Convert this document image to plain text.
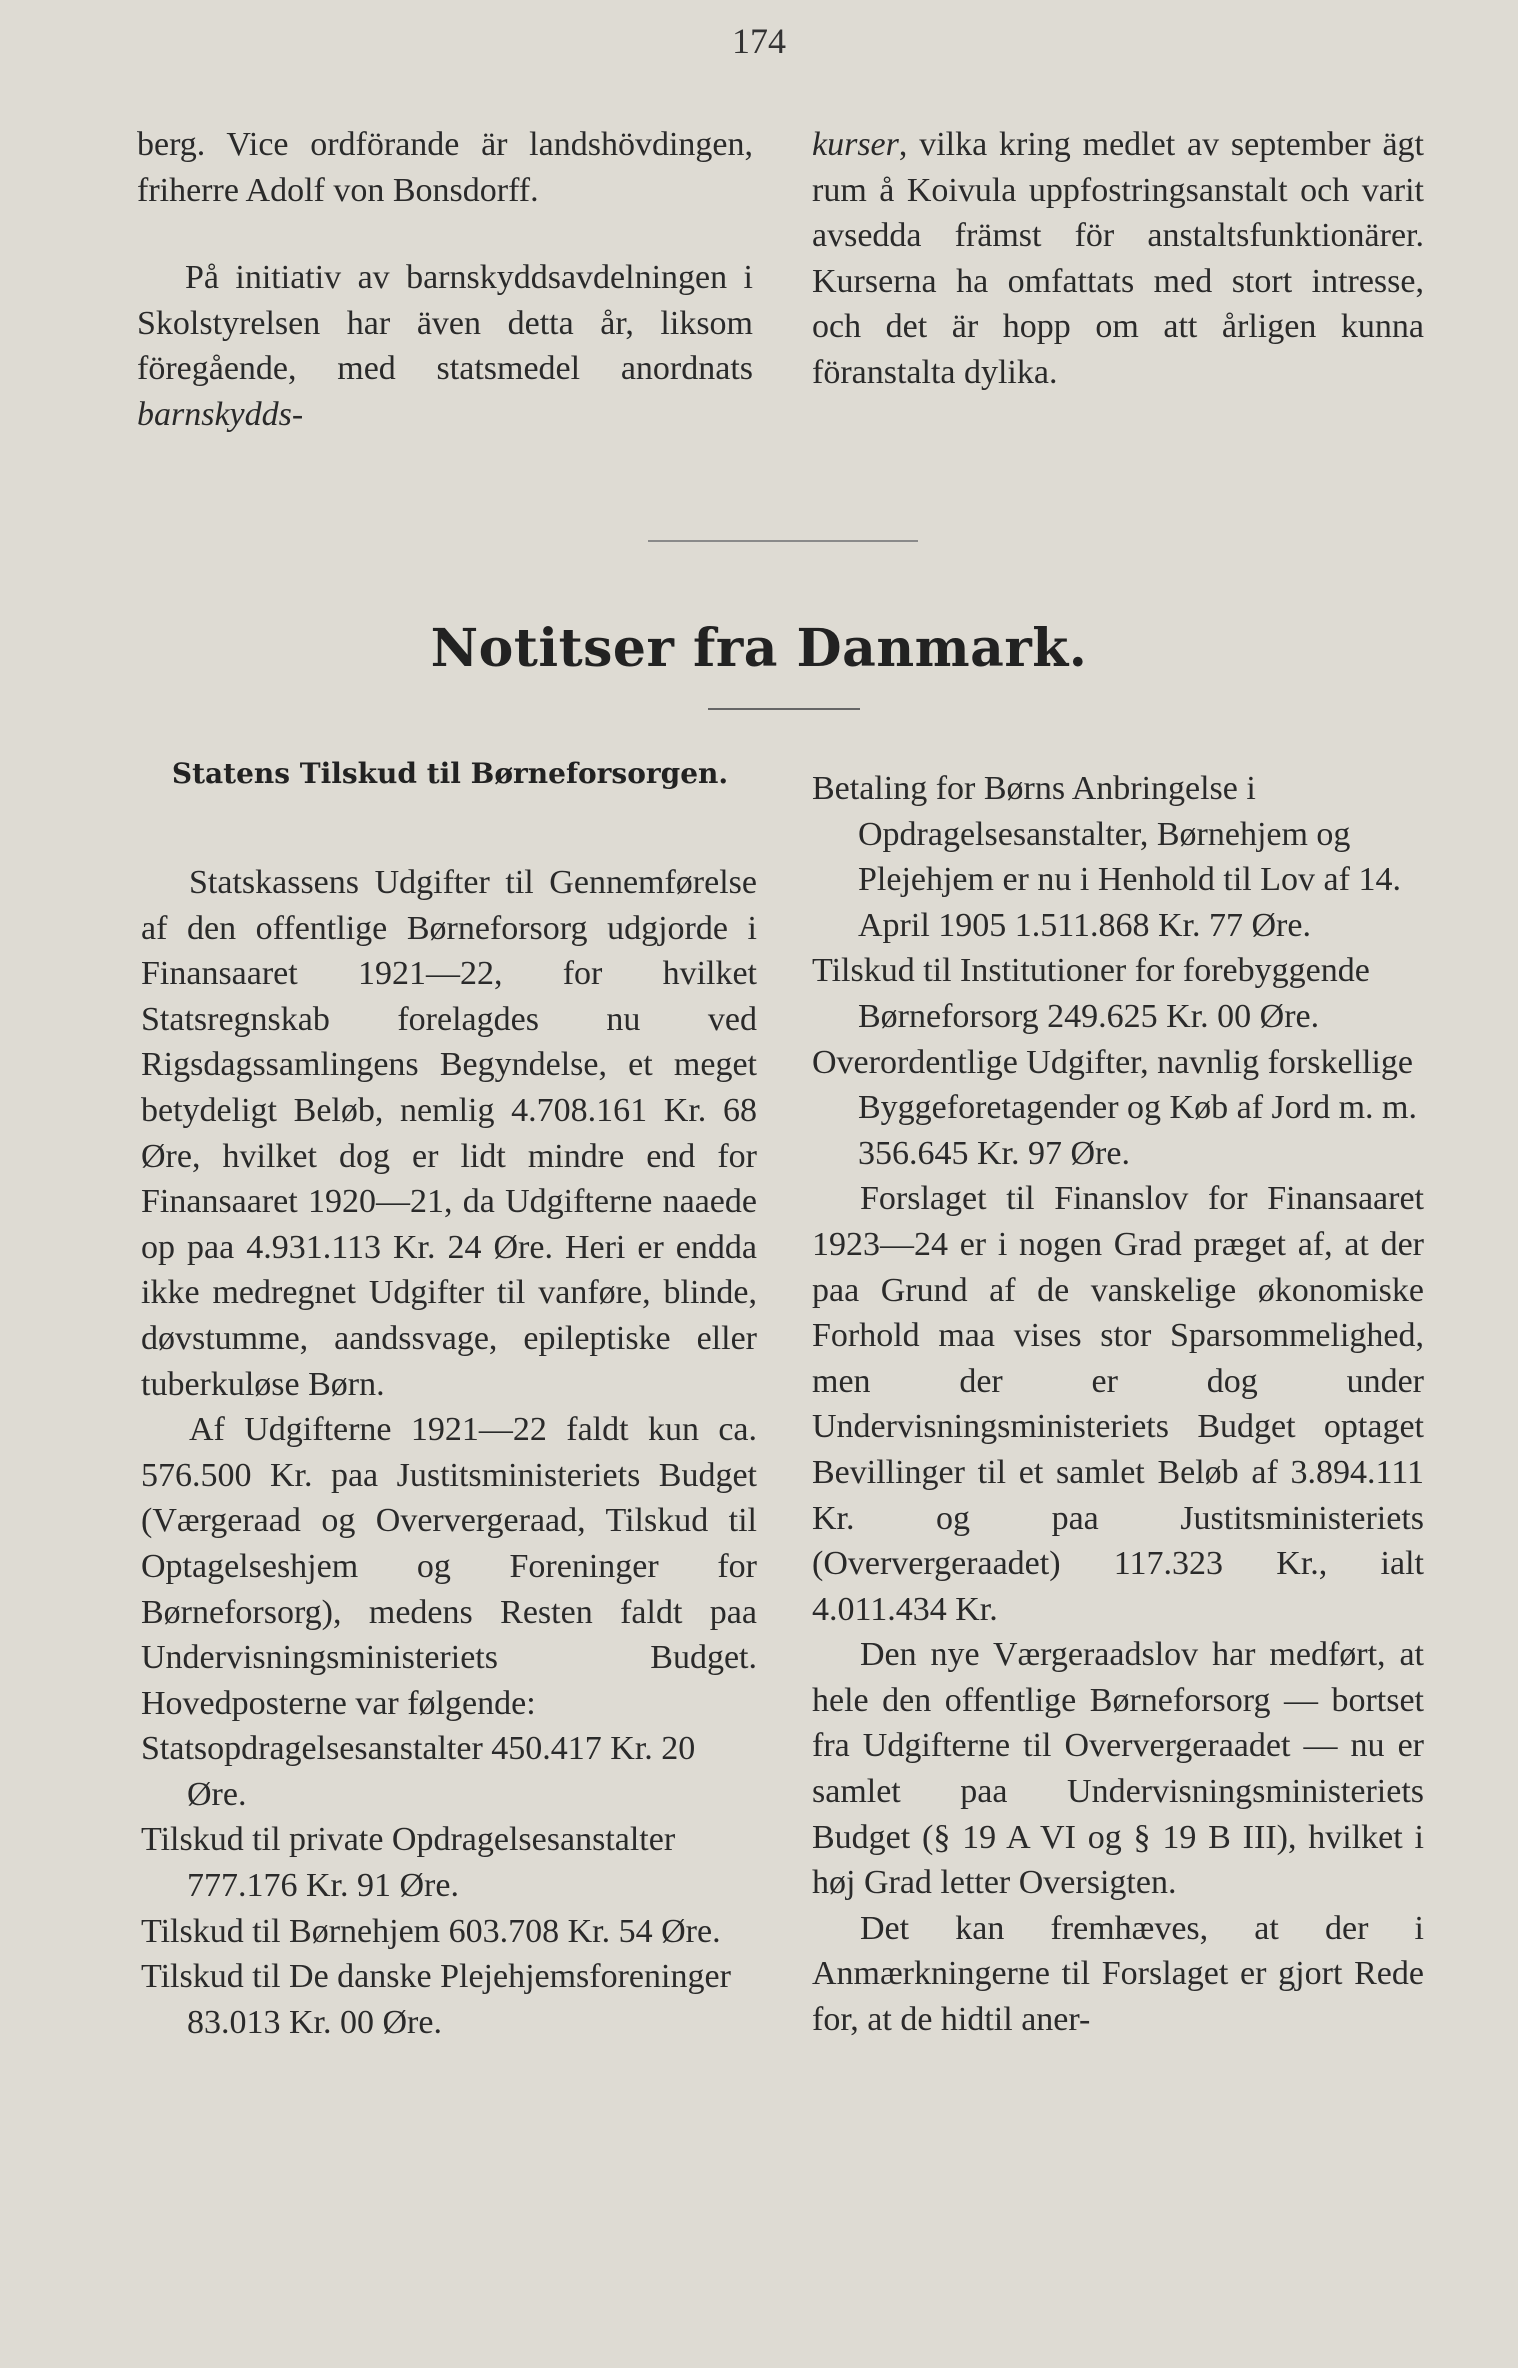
174

berg. Vice ordförande är landshövdingen, friherre Adolf von Bonsdorff.

På initiativ av barnskyddsavdelningen i Skolstyrelsen har även detta år, liksom föregående, med statsmedel anordnats barnskydds-

kurser, vilka kring medlet av september ägt rum å Koivula uppfostringsanstalt och varit avsedda främst för anstaltsfunktionärer. Kurserna ha omfattats med stort intresse, och det är hopp om att årligen kunna föranstalta dylika.

Notitser fra Danmark.
Statens Tilskud til Børneforsorgen.

Statskassens Udgifter til Gennemførelse af den offentlige Børneforsorg udgjorde i Finansaaret 1921—22, for hvilket Statsregnskab forelagdes nu ved Rigsdagssamlingens Begyndelse, et meget betydeligt Beløb, nemlig 4.708.161 Kr. 68 Øre, hvilket dog er lidt mindre end for Finansaaret 1920—21, da Udgifterne naaede op paa 4.931.113 Kr. 24 Øre. Heri er endda ikke medregnet Udgifter til vanføre, blinde, døvstumme, aandssvage, epileptiske eller tuberkuløse Børn.

Af Udgifterne 1921—22 faldt kun ca. 576.500 Kr. paa Justitsministeriets Budget (Værgeraad og Oververgeraad, Tilskud til Optagelseshjem og Foreninger for Børneforsorg), medens Resten faldt paa Undervisningsministeriets Budget. Hovedposterne var følgende:

Statsopdragelsesanstalter 450.417 Kr. 20 Øre.

Tilskud til private Opdragelsesanstalter 777.176 Kr. 91 Øre.

Tilskud til Børnehjem 603.708 Kr. 54 Øre.

Tilskud til De danske Plejehjemsforeninger 83.013 Kr. 00 Øre.

Betaling for Børns Anbringelse i Opdragelsesanstalter, Børnehjem og Plejehjem er nu i Henhold til Lov af 14. April 1905 1.511.868 Kr. 77 Øre.

Tilskud til Institutioner for forebyggende Børneforsorg 249.625 Kr. 00 Øre.

Overordentlige Udgifter, navnlig forskellige Byggeforetagender og Køb af Jord m. m. 356.645 Kr. 97 Øre.

Forslaget til Finanslov for Finansaaret 1923—24 er i nogen Grad præget af, at der paa Grund af de vanskelige økonomiske Forhold maa vises stor Sparsommelighed, men der er dog under Undervisningsministeriets Budget optaget Bevillinger til et samlet Beløb af 3.894.111 Kr. og paa Justitsministeriets (Oververgeraadet) 117.323 Kr., ialt 4.011.434 Kr.

Den nye Værgeraadslov har medført, at hele den offentlige Børneforsorg — bortset fra Udgifterne til Oververgeraadet — nu er samlet paa Undervisningsministeriets Budget (§ 19 A VI og § 19 B III), hvilket i høj Grad letter Oversigten.

Det kan fremhæves, at der i Anmærkningerne til Forslaget er gjort Rede for, at de hidtil aner-
